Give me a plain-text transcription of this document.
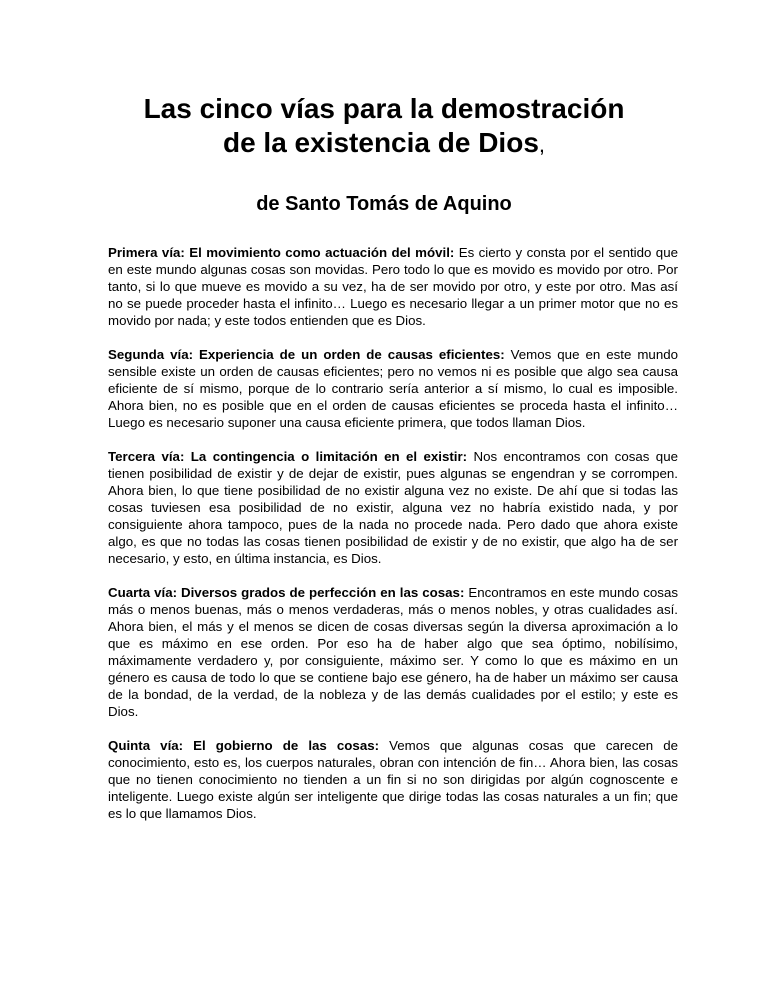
Las cinco vías para la demostración
de la existencia de Dios,
de Santo Tomás de Aquino

Primera vía: El movimiento como actuación del móvil: Es cierto y consta por el sentido que en este mundo algunas cosas son movidas. Pero todo lo que es movido es movido por otro. Por tanto, si lo que mueve es movido a su vez, ha de ser movido por otro, y este por otro. Mas así no se puede proceder hasta el infinito… Luego es necesario llegar a un primer motor que no es movido por nada; y este todos entienden que es Dios.

Segunda vía: Experiencia de un orden de causas eficientes: Vemos que en este mundo sensible existe un orden de causas eficientes; pero no vemos ni es posible que algo sea causa eficiente de sí mismo, porque de lo contrario sería anterior a sí mismo, lo cual es imposible. Ahora bien, no es posible que en el orden de causas eficientes se proceda hasta el infinito… Luego es necesario suponer una causa eficiente primera, que todos llaman Dios.

Tercera vía: La contingencia o limitación en el existir: Nos encontramos con cosas que tienen posibilidad de existir y de dejar de existir, pues algunas se engendran y se corrompen. Ahora bien, lo que tiene posibilidad de no existir alguna vez no existe. De ahí que si todas las cosas tuviesen esa posibilidad de no existir, alguna vez no habría existido nada, y por consiguiente ahora tampoco, pues de la nada no procede nada. Pero dado que ahora existe algo, es que no todas las cosas tienen posibilidad de existir y de no existir, que algo ha de ser necesario, y esto, en última instancia, es Dios.

Cuarta vía: Diversos grados de perfección en las cosas: Encontramos en este mundo cosas más o menos buenas, más o menos verdaderas, más o menos nobles, y otras cualidades así. Ahora bien, el más y el menos se dicen de cosas diversas según la diversa aproximación a lo que es máximo en ese orden. Por eso ha de haber algo que sea óptimo, nobilísimo, máximamente verdadero y, por consiguiente, máximo ser. Y como lo que es máximo en un género es causa de todo lo que se contiene bajo ese género, ha de haber un máximo ser causa de la bondad, de la verdad, de la nobleza y de las demás cualidades por el estilo; y este es Dios.

Quinta vía: El gobierno de las cosas: Vemos que algunas cosas que carecen de conocimiento, esto es, los cuerpos naturales, obran con intención de fin… Ahora bien, las cosas que no tienen conocimiento no tienden a un fin si no son dirigidas por algún cognoscente e inteligente. Luego existe algún ser inteligente que dirige todas las cosas naturales a un fin; que es lo que llamamos Dios.
